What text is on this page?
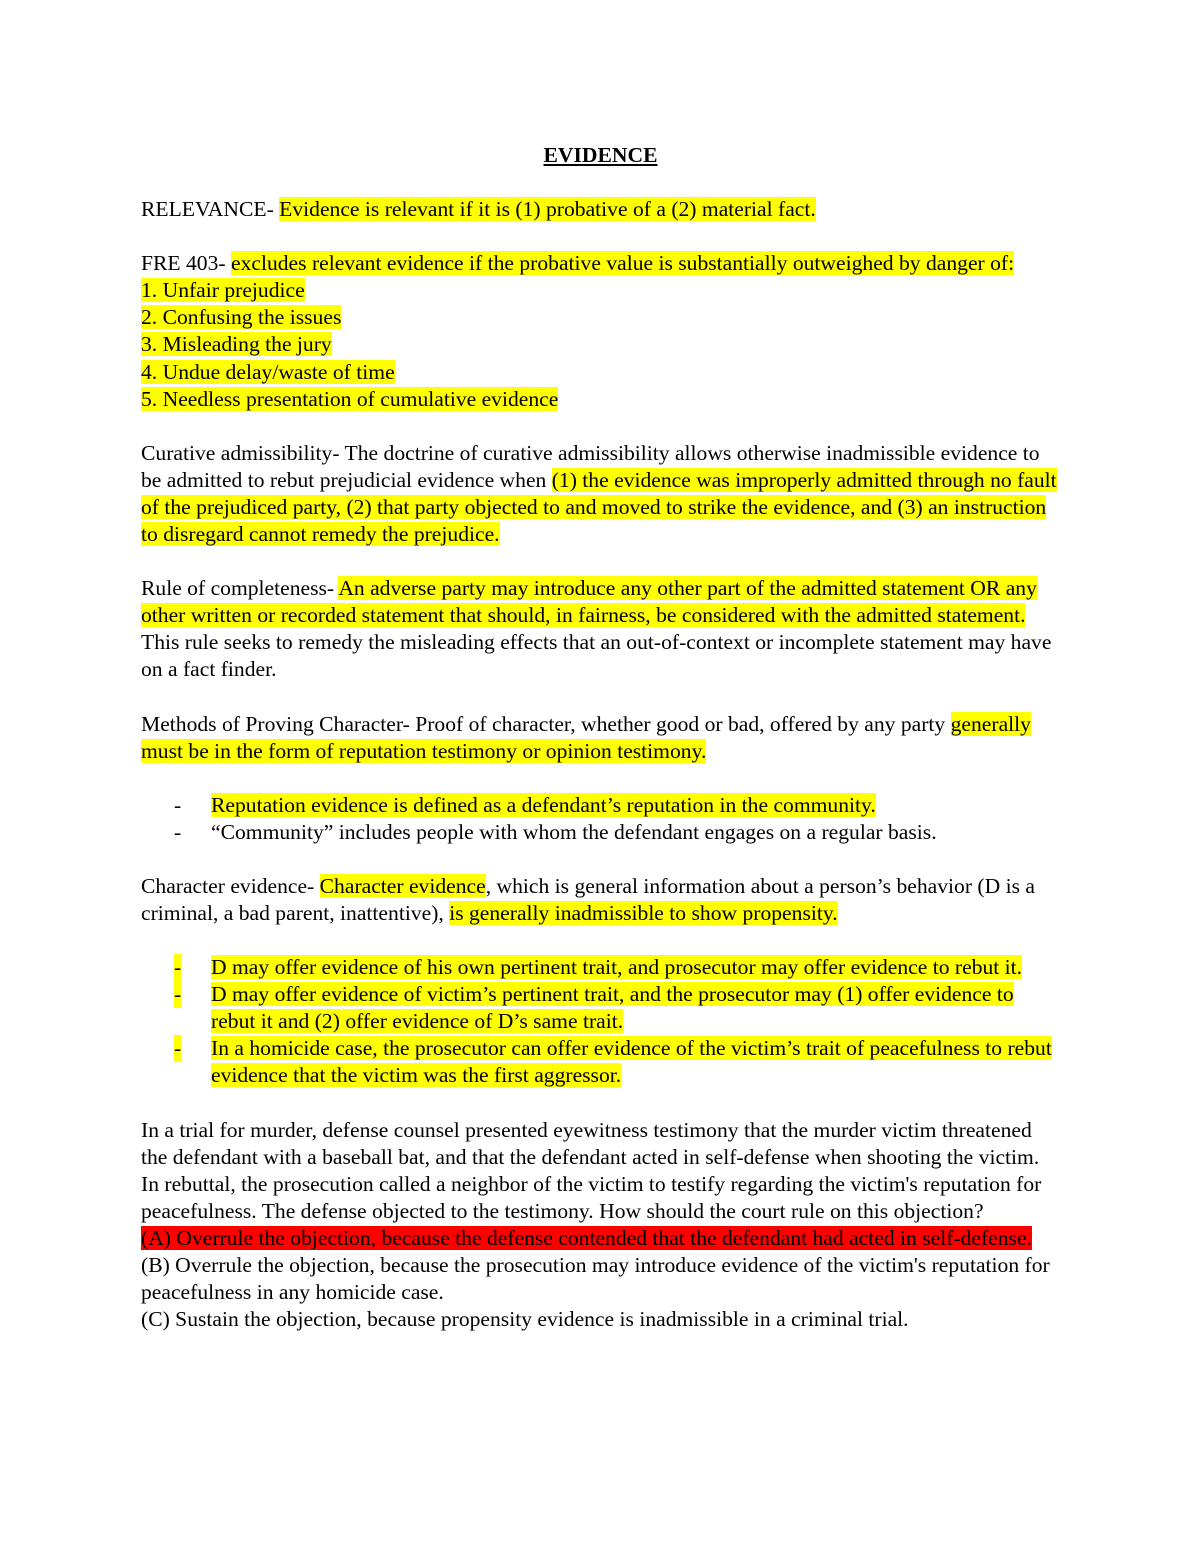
EVIDENCE

RELEVANCE- Evidence is relevant if it is (1) probative of a (2) material fact.

FRE 403- excludes relevant evidence if the probative value is substantially outweighed by danger of:
1. Unfair prejudice
2. Confusing the issues
3. Misleading the jury
4. Undue delay/waste of time
5. Needless presentation of cumulative evidence

Curative admissibility- The doctrine of curative admissibility allows otherwise inadmissible evidence to be admitted to rebut prejudicial evidence when (1) the evidence was improperly admitted through no fault of the prejudiced party, (2) that party objected to and moved to strike the evidence, and (3) an instruction to disregard cannot remedy the prejudice.

Rule of completeness- An adverse party may introduce any other part of the admitted statement OR any other written or recorded statement that should, in fairness, be considered with the admitted statement.  This rule seeks to remedy the misleading effects that an out-of-context or incomplete statement may have on a fact finder.

Methods of Proving Character- Proof of character, whether good or bad, offered by any party generally must be in the form of reputation testimony or opinion testimony.

- Reputation evidence is defined as a defendant’s reputation in the community.
- “Community” includes people with whom the defendant engages on a regular basis.

Character evidence- Character evidence, which is general information about a person’s behavior (D is a criminal, a bad parent, inattentive), is generally inadmissible to show propensity.

- D may offer evidence of his own pertinent trait, and prosecutor may offer evidence to rebut it.
- D may offer evidence of victim’s pertinent trait, and the prosecutor may (1) offer evidence to rebut it and (2) offer evidence of D’s same trait.
- In a homicide case, the prosecutor can offer evidence of the victim’s trait of peacefulness to rebut evidence that the victim was the first aggressor.

In a trial for murder, defense counsel presented eyewitness testimony that the murder victim threatened the defendant with a baseball bat, and that the defendant acted in self-defense when shooting the victim. In rebuttal, the prosecution called a neighbor of the victim to testify regarding the victim's reputation for peacefulness. The defense objected to the testimony. How should the court rule on this objection?

(A) Overrule the objection, because the defense contended that the defendant had acted in self-defense.
(B) Overrule the objection, because the prosecution may introduce evidence of the victim's reputation for peacefulness in any homicide case.
(C) Sustain the objection, because propensity evidence is inadmissible in a criminal trial.
